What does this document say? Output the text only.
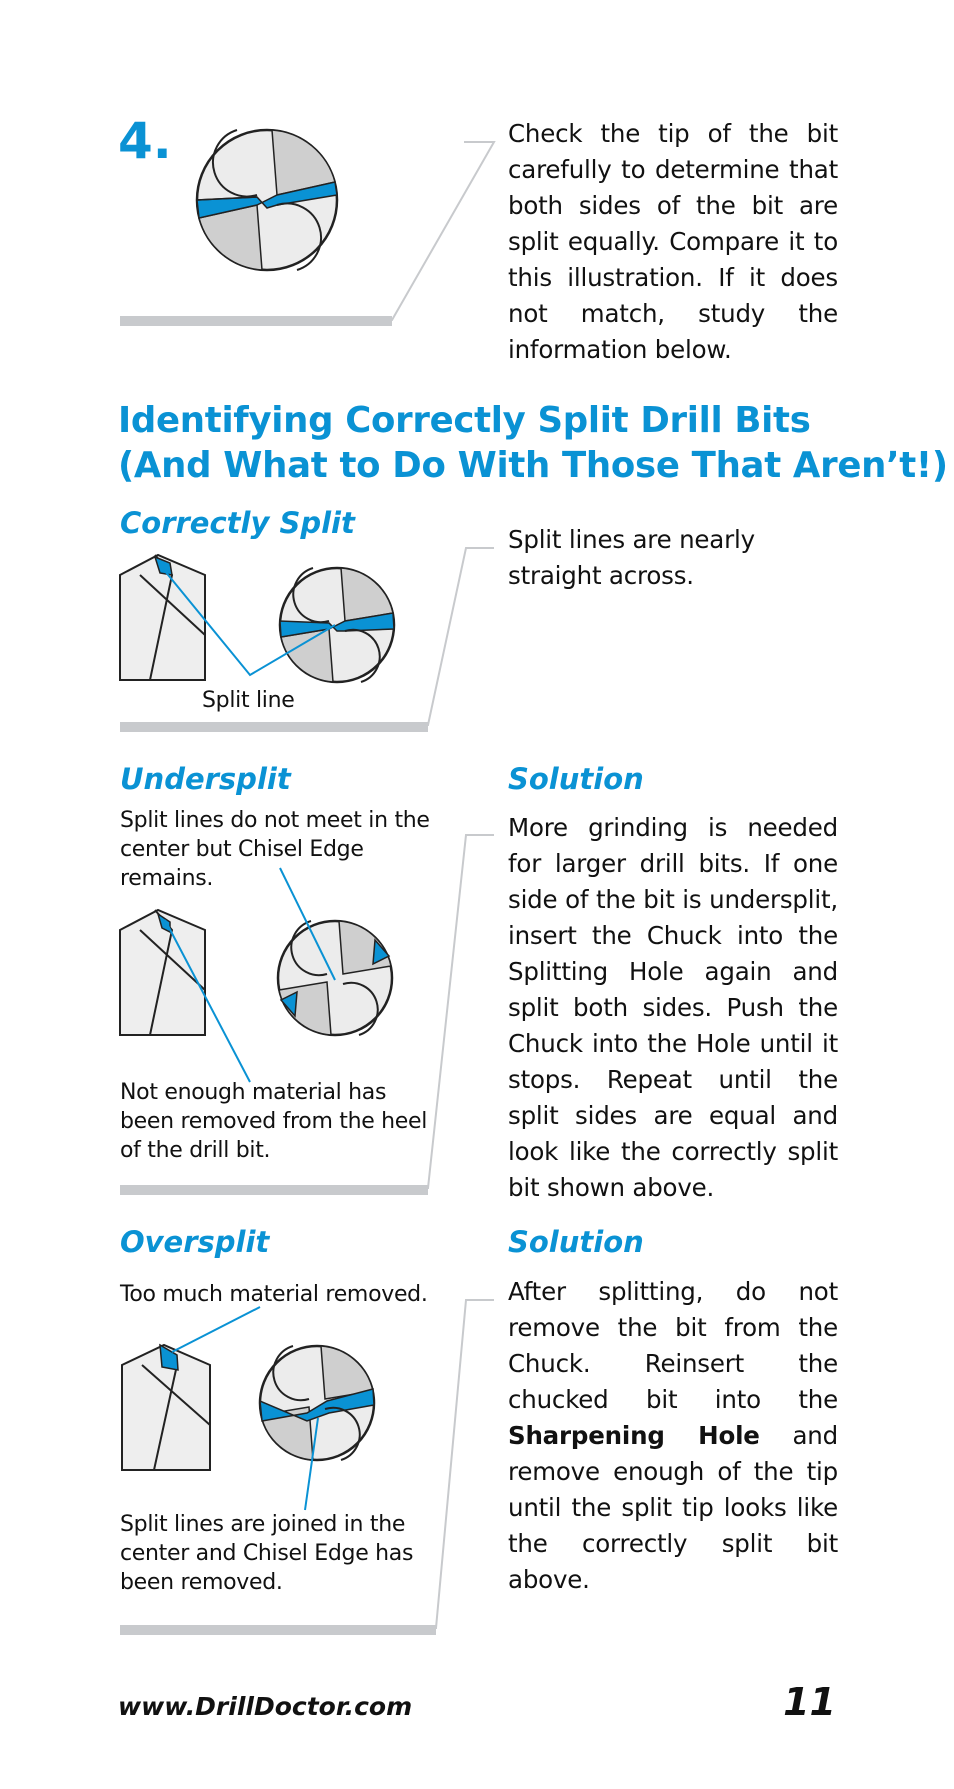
4.	Check the tip of the bit carefully to determine that both sides of the bit are split equally. Compare it to this illustration. If it does not match, study the information below.
Identifying Correctly Split Drill Bits
(And What to Do With Those That Aren’t!)
Correctly Split
Split line
Split lines are nearly straight across.
Undersplit
Split lines do not meet in the center but Chisel Edge remains.
Not enough material has been removed from the heel of the drill bit.
Solution
More grinding is needed for larger drill bits. If one side of the bit is undersplit, insert the Chuck into the Splitting Hole again and split both sides. Push the Chuck into the Hole until it stops. Repeat until the split sides are equal and look like the correctly split bit shown above.
Oversplit
Too much material removed.
Split lines are joined in the center and Chisel Edge has been removed.
Solution
After splitting, do not remove the bit from the Chuck. Reinsert the chucked bit into the Sharpening Hole and remove enough of the tip until the split tip looks like the correctly split bit above.
www.DrillDoctor.com	11
